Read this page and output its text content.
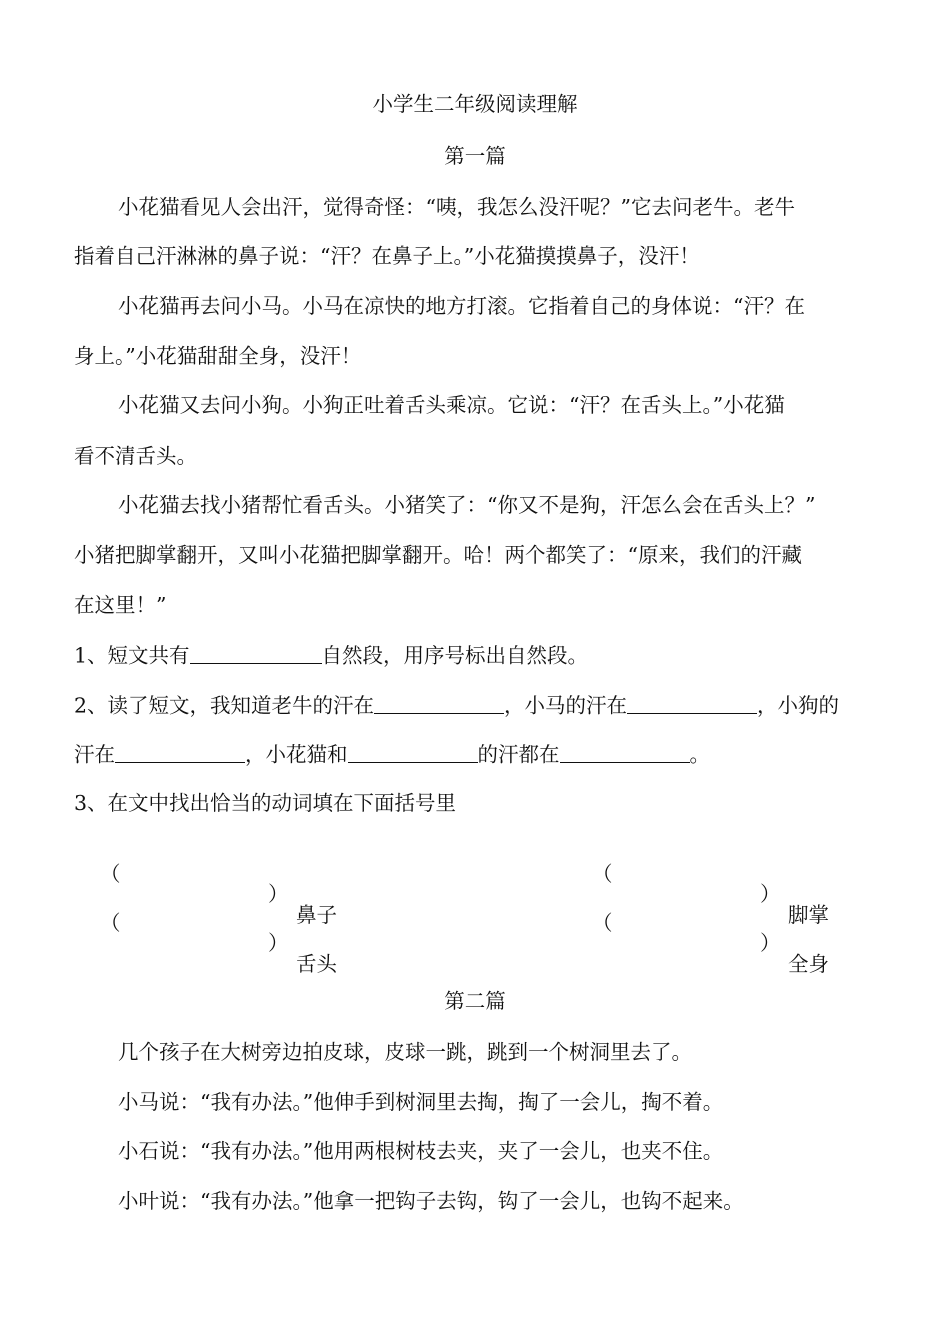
小学生二年级阅读理解
第一篇
小花猫看见人会出汗，觉得奇怪：“咦，我怎么没汗呢？”它去问老牛。老牛
指着自己汗淋淋的鼻子说：“汗？在鼻子上。”小花猫摸摸鼻子，没汗！
小花猫再去问小马。小马在凉快的地方打滚。它指着自己的身体说：“汗？在
身上。”小花猫甜甜全身，没汗！
小花猫又去问小狗。小狗正吐着舌头乘凉。它说：“汗？在舌头上。”小花猫
看不清舌头。
小花猫去找小猪帮忙看舌头。小猪笑了：“你又不是狗，汗怎么会在舌头上？”
小猪把脚掌翻开，又叫小花猫把脚掌翻开。哈！两个都笑了：“原来，我们的汗藏
在这里！”
1、短文共有	自然段，用序号标出自然段。
2、读了短文，我知道老牛的汗在	，小马的汗在	，小狗的
汗在	，小花猫和	的汗都在	。
3、在文中找出恰当的动词填在下面括号里

（

）

鼻子

（

）

脚掌

（

）

舌头

（

）

全身

第二篇
几个孩子在大树旁边拍皮球，皮球一跳，跳到一个树洞里去了。
小马说：“我有办法。”他伸手到树洞里去掏，掏了一会儿，掏不着。
小石说：“我有办法。”他用两根树枝去夹，夹了一会儿，也夹不住。
小叶说：“我有办法。”他拿一把钩子去钩，钩了一会儿，也钩不起来。
